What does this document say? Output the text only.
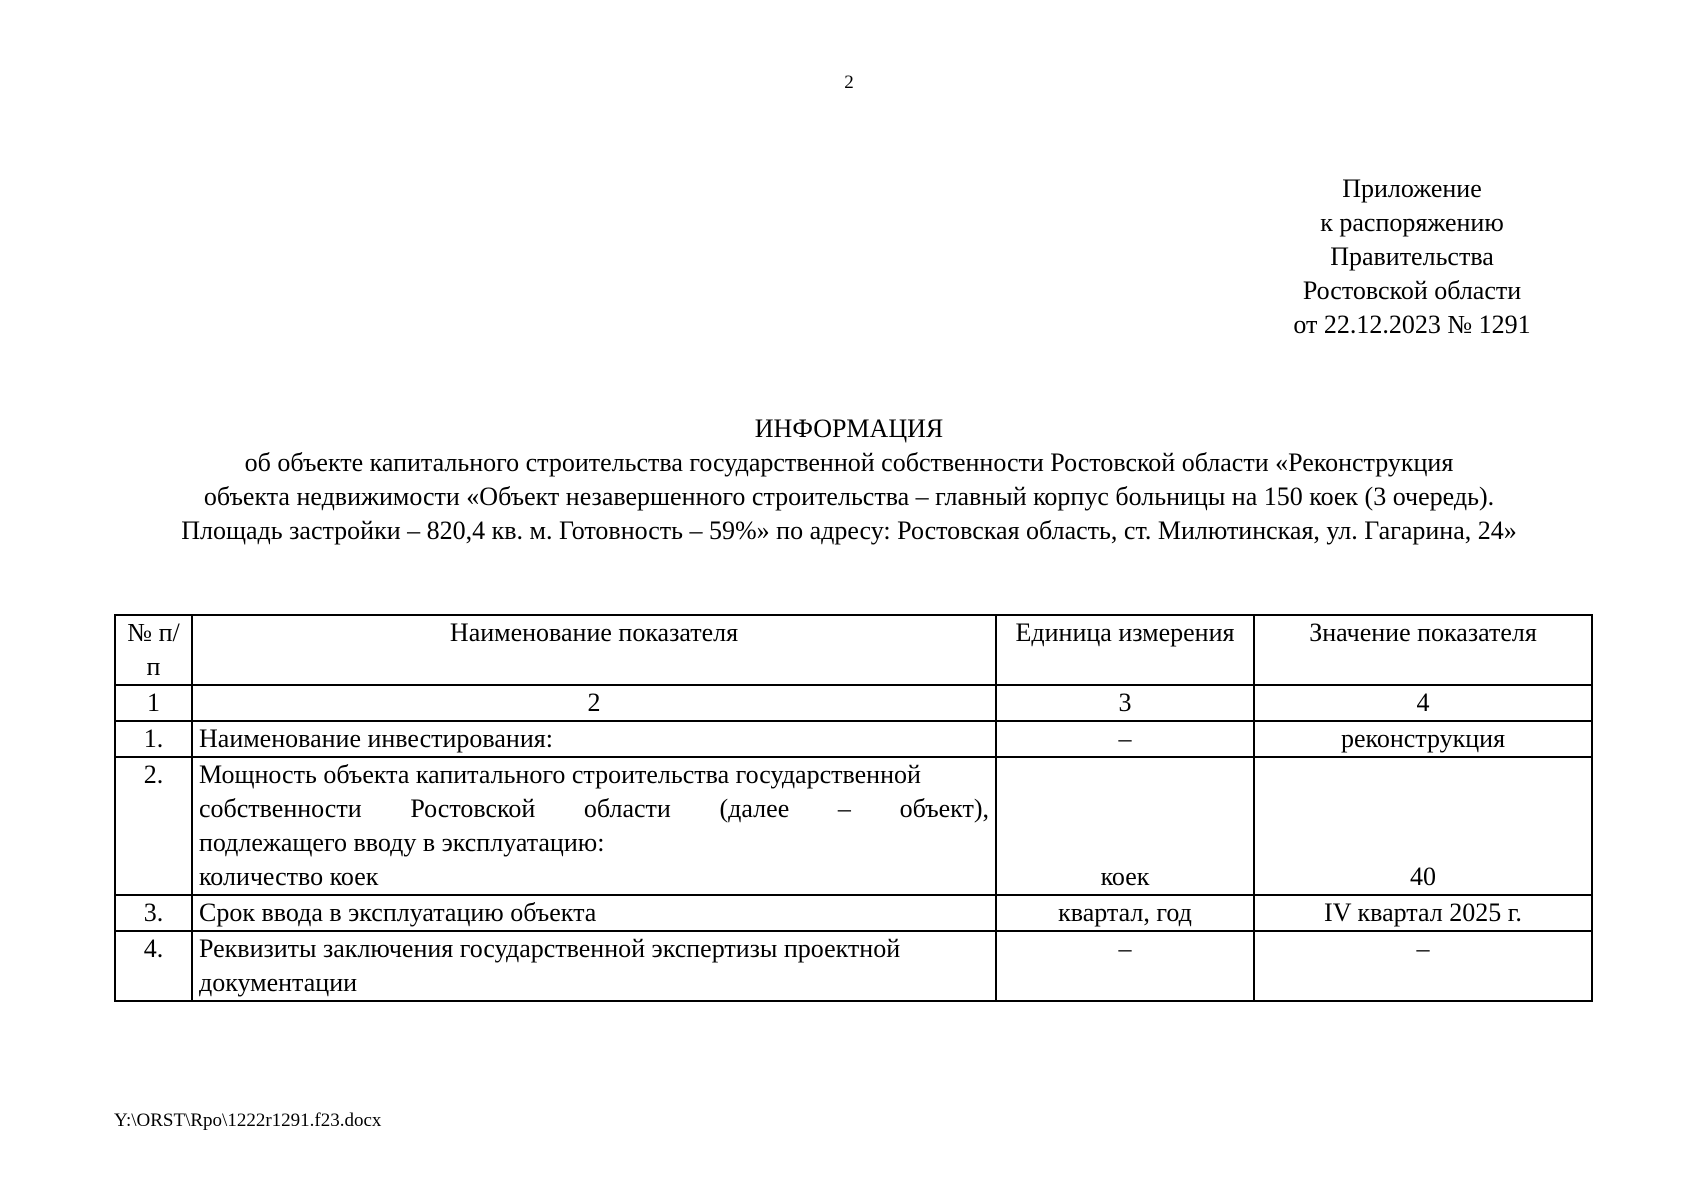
2
Приложение
к распоряжению
Правительства
Ростовской области
от 22.12.2023 № 1291
ИНФОРМАЦИЯ
об объекте капитального строительства государственной собственности Ростовской области «Реконструкция
объекта недвижимости «Объект незавершенного строительства – главный корпус больницы на 150 коек (3 очередь).
Площадь застройки – 820,4 кв. м. Готовность – 59%» по адресу: Ростовская область, ст. Милютинская, ул. Гагарина, 24»
№ п/п	Наименование показателя	Единица измерения	Значение показателя
1	2	3	4
1.	Наименование инвестирования:	–	реконструкция
2.	Мощность объекта капитального строительства государственной
собственности Ростовской области (далее – объект),
подлежащего вводу в эксплуатацию:
количество коек	коек	40
3.	Срок ввода в эксплуатацию объекта	квартал, год	IV квартал 2025 г.
4.	Реквизиты заключения государственной экспертизы проектной документации	–	–
Y:\ORST\Rpo\1222r1291.f23.docx
